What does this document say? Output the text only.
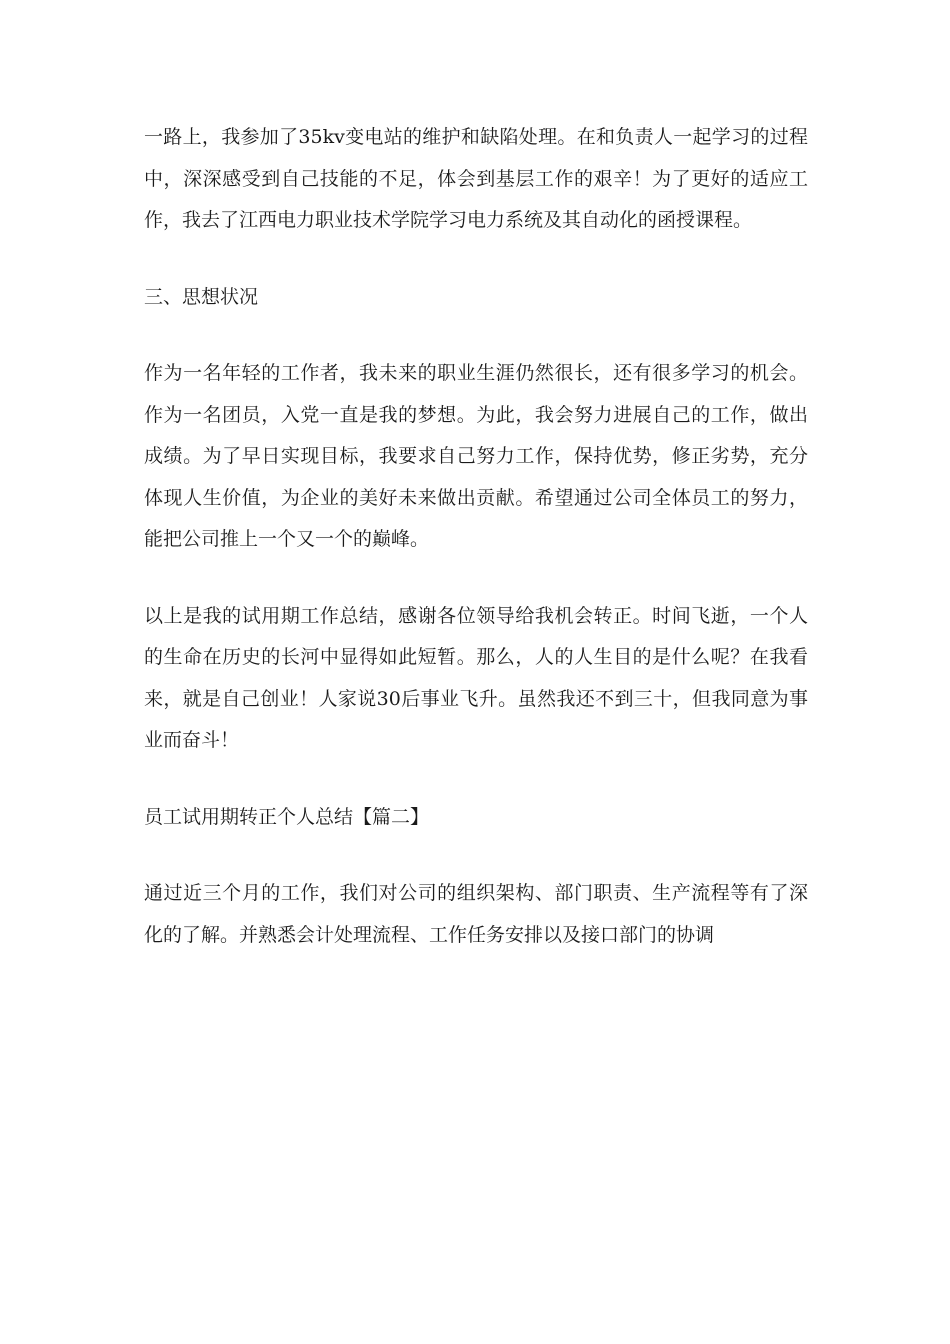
一路上，我参加了35kv变电站的维护和缺陷处理。在和负责人一起学习的过程中，深深感受到自己技能的不足，体会到基层工作的艰辛！为了更好的适应工作，我去了江西电力职业技术学院学习电力系统及其自动化的函授课程。

三、思想状况

作为一名年轻的工作者，我未来的职业生涯仍然很长，还有很多学习的机会。作为一名团员，入党一直是我的梦想。为此，我会努力进展自己的工作，做出成绩。为了早日实现目标，我要求自己努力工作，保持优势，修正劣势，充分体现人生价值，为企业的美好未来做出贡献。希望通过公司全体员工的努力，能把公司推上一个又一个的巅峰。

以上是我的试用期工作总结，感谢各位领导给我机会转正。时间飞逝，一个人的生命在历史的长河中显得如此短暂。那么，人的人生目的是什么呢？在我看来，就是自己创业！人家说30后事业飞升。虽然我还不到三十，但我同意为事业而奋斗！

员工试用期转正个人总结【篇二】

通过近三个月的工作，我们对公司的组织架构、部门职责、生产流程等有了深化的了解。并熟悉会计处理流程、工作任务安排以及接口部门的协调
